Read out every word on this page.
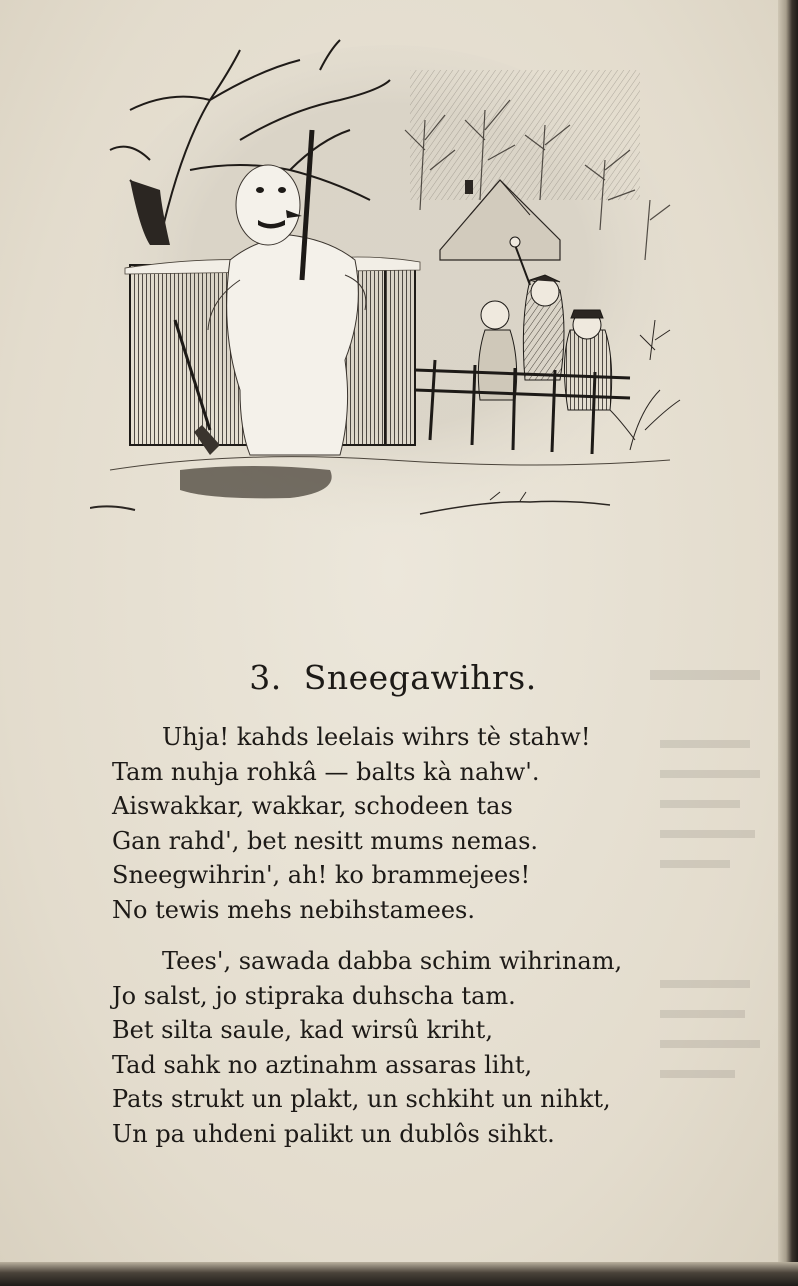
3. Sneegawihrs.
Uhja! kahds leelais wihrs tè stahw!
Tam nuhja rohkâ — balts kà nahw'.
Aiswakkar, wakkar, schodeen tas
Gan rahd', bet nesitt mums nemas.
Sneegwihrin', ah! ko brammejees!
No tewis mehs nebihstamees.
Tees', sawada dabba schim wihrinam,
Jo salst, jo stipraka duhscha tam.
Bet silta saule, kad wirsû kriht,
Tad sahk no aztinahm assaras liht,
Pats strukt un plakt, un schkiht un nihkt,
Un pa uhdeni palikt un dublôs sihkt.
